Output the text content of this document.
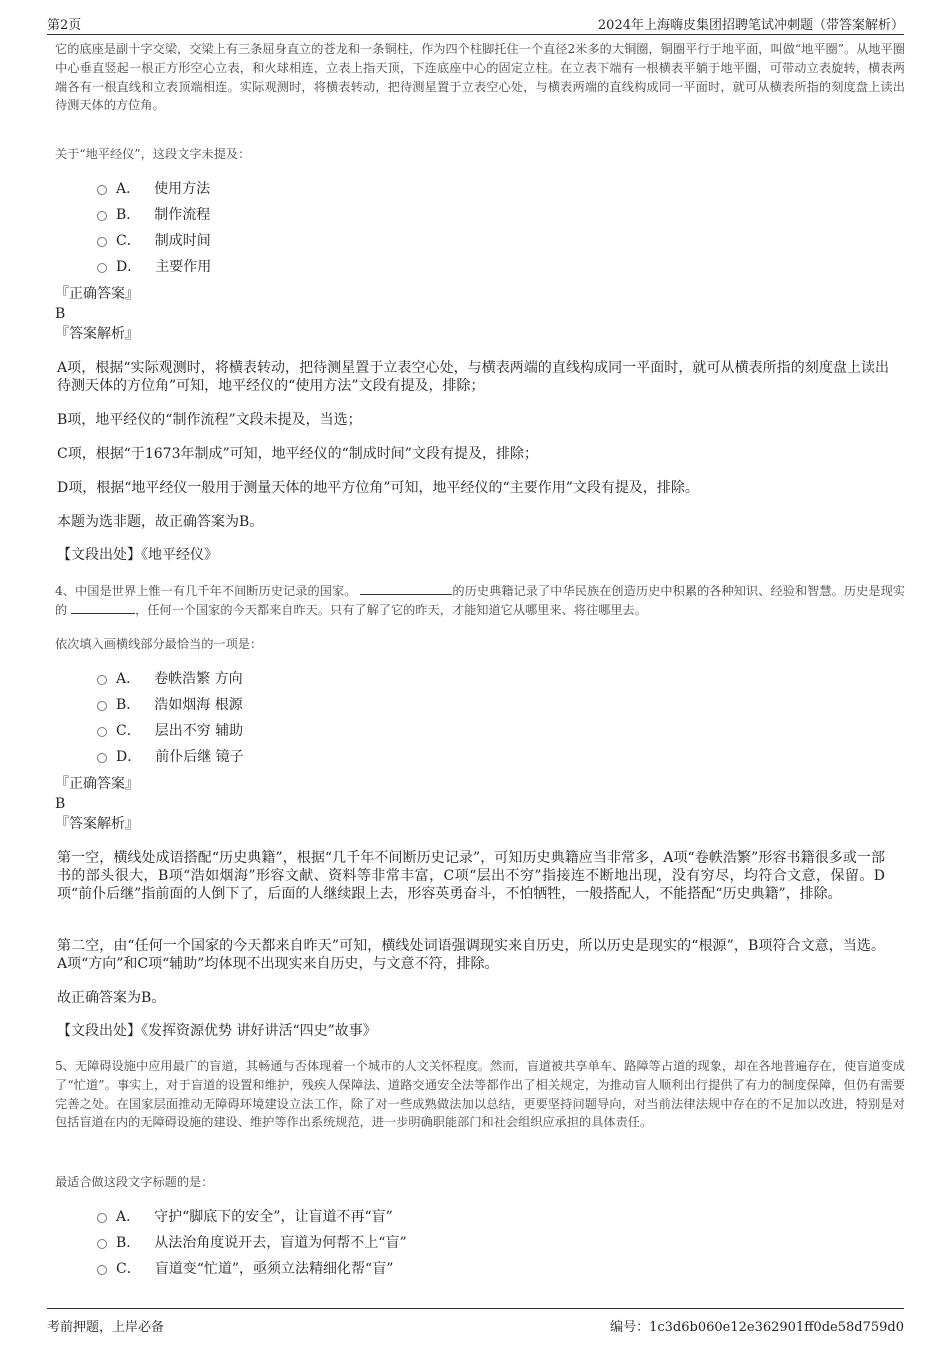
第2页	2024年上海嗨皮集团招聘笔试冲刺题（带答案解析）

它的底座是副十字交梁，交梁上有三条屈身直立的苍龙和一条铜柱，作为四个柱脚托住一个直径2米多的大铜圈，铜圈平行于地平面，叫做“地平圈”。从地平圈中心垂直竖起一根正方形空心立表，和火球相连，立表上指天顶，下连底座中心的固定立柱。在立表下端有一根横表平躺于地平圈，可带动立表旋转，横表两端各有一根直线和立表顶端相连。实际观测时，将横表转动，把待测星置于立表空心处，与横表两端的直线构成同一平面时，就可从横表所指的刻度盘上读出待测天体的方位角。

关于“地平经仪”，这段文字未提及：

A． 使用方法
B． 制作流程
C． 制成时间
D． 主要作用

『正确答案』

B

『答案解析』

A项，根据“实际观测时，将横表转动，把待测星置于立表空心处，与横表两端的直线构成同一平面时，就可从横表所指的刻度盘上读出待测天体的方位角”可知，地平经仪的“使用方法”文段有提及，排除；

B项，地平经仪的“制作流程”文段未提及，当选；

C项，根据“于1673年制成”可知，地平经仪的“制成时间”文段有提及，排除；

D项，根据“地平经仪一般用于测量天体的地平方位角”可知，地平经仪的“主要作用”文段有提及，排除。

本题为选非题，故正确答案为B。

【文段出处】《地平经仪》

4、中国是世界上惟一有几千年不间断历史记录的国家。	的历史典籍记录了中华民族在创造历史中积累的各种知识、经验和智慧。历史是现实的	，任何一个国家的今天都来自昨天。只有了解了它的昨天，才能知道它从哪里来、将往哪里去。

依次填入画横线部分最恰当的一项是：

A． 卷帙浩繁 方向
B． 浩如烟海 根源
C． 层出不穷 辅助
D． 前仆后继 镜子

『正确答案』

B

『答案解析』

第一空，横线处成语搭配“历史典籍”，根据“几千年不间断历史记录”，可知历史典籍应当非常多，A项“卷帙浩繁”形容书籍很多或一部书的部头很大，B项“浩如烟海”形容文献、资料等非常丰富，C项“层出不穷”指接连不断地出现，没有穷尽，均符合文意，保留。D项“前仆后继”指前面的人倒下了，后面的人继续跟上去，形容英勇奋斗，不怕牺牲，一般搭配人，不能搭配“历史典籍”，排除。

第二空，由“任何一个国家的今天都来自昨天”可知，横线处词语强调现实来自历史，所以历史是现实的“根源”，B项符合文意，当选。A项“方向”和C项“辅助”均体现不出现实来自历史，与文意不符，排除。

故正确答案为B。

【文段出处】《发挥资源优势 讲好讲活“四史”故事》

5、无障碍设施中应用最广的盲道，其畅通与否体现着一个城市的人文关怀程度。然而，盲道被共享单车、路障等占道的现象，却在各地普遍存在，使盲道变成了“忙道”。事实上，对于盲道的设置和维护，残疾人保障法、道路交通安全法等都作出了相关规定，为推动盲人顺利出行提供了有力的制度保障，但仍有需要完善之处。在国家层面推动无障碍环境建设立法工作，除了对一些成熟做法加以总结，更要坚持问题导向，对当前法律法规中存在的不足加以改进，特别是对包括盲道在内的无障碍设施的建设、维护等作出系统规范，进一步明确职能部门和社会组织应承担的具体责任。

最适合做这段文字标题的是：

A． 守护“脚底下的安全”，让盲道不再“盲”
B． 从法治角度说开去，盲道为何帮不上“盲”
C． 盲道变“忙道”，亟须立法精细化帮“盲”
考前押题，上岸必备	编号：1c3d6b060e12e362901ff0de58d759d0
